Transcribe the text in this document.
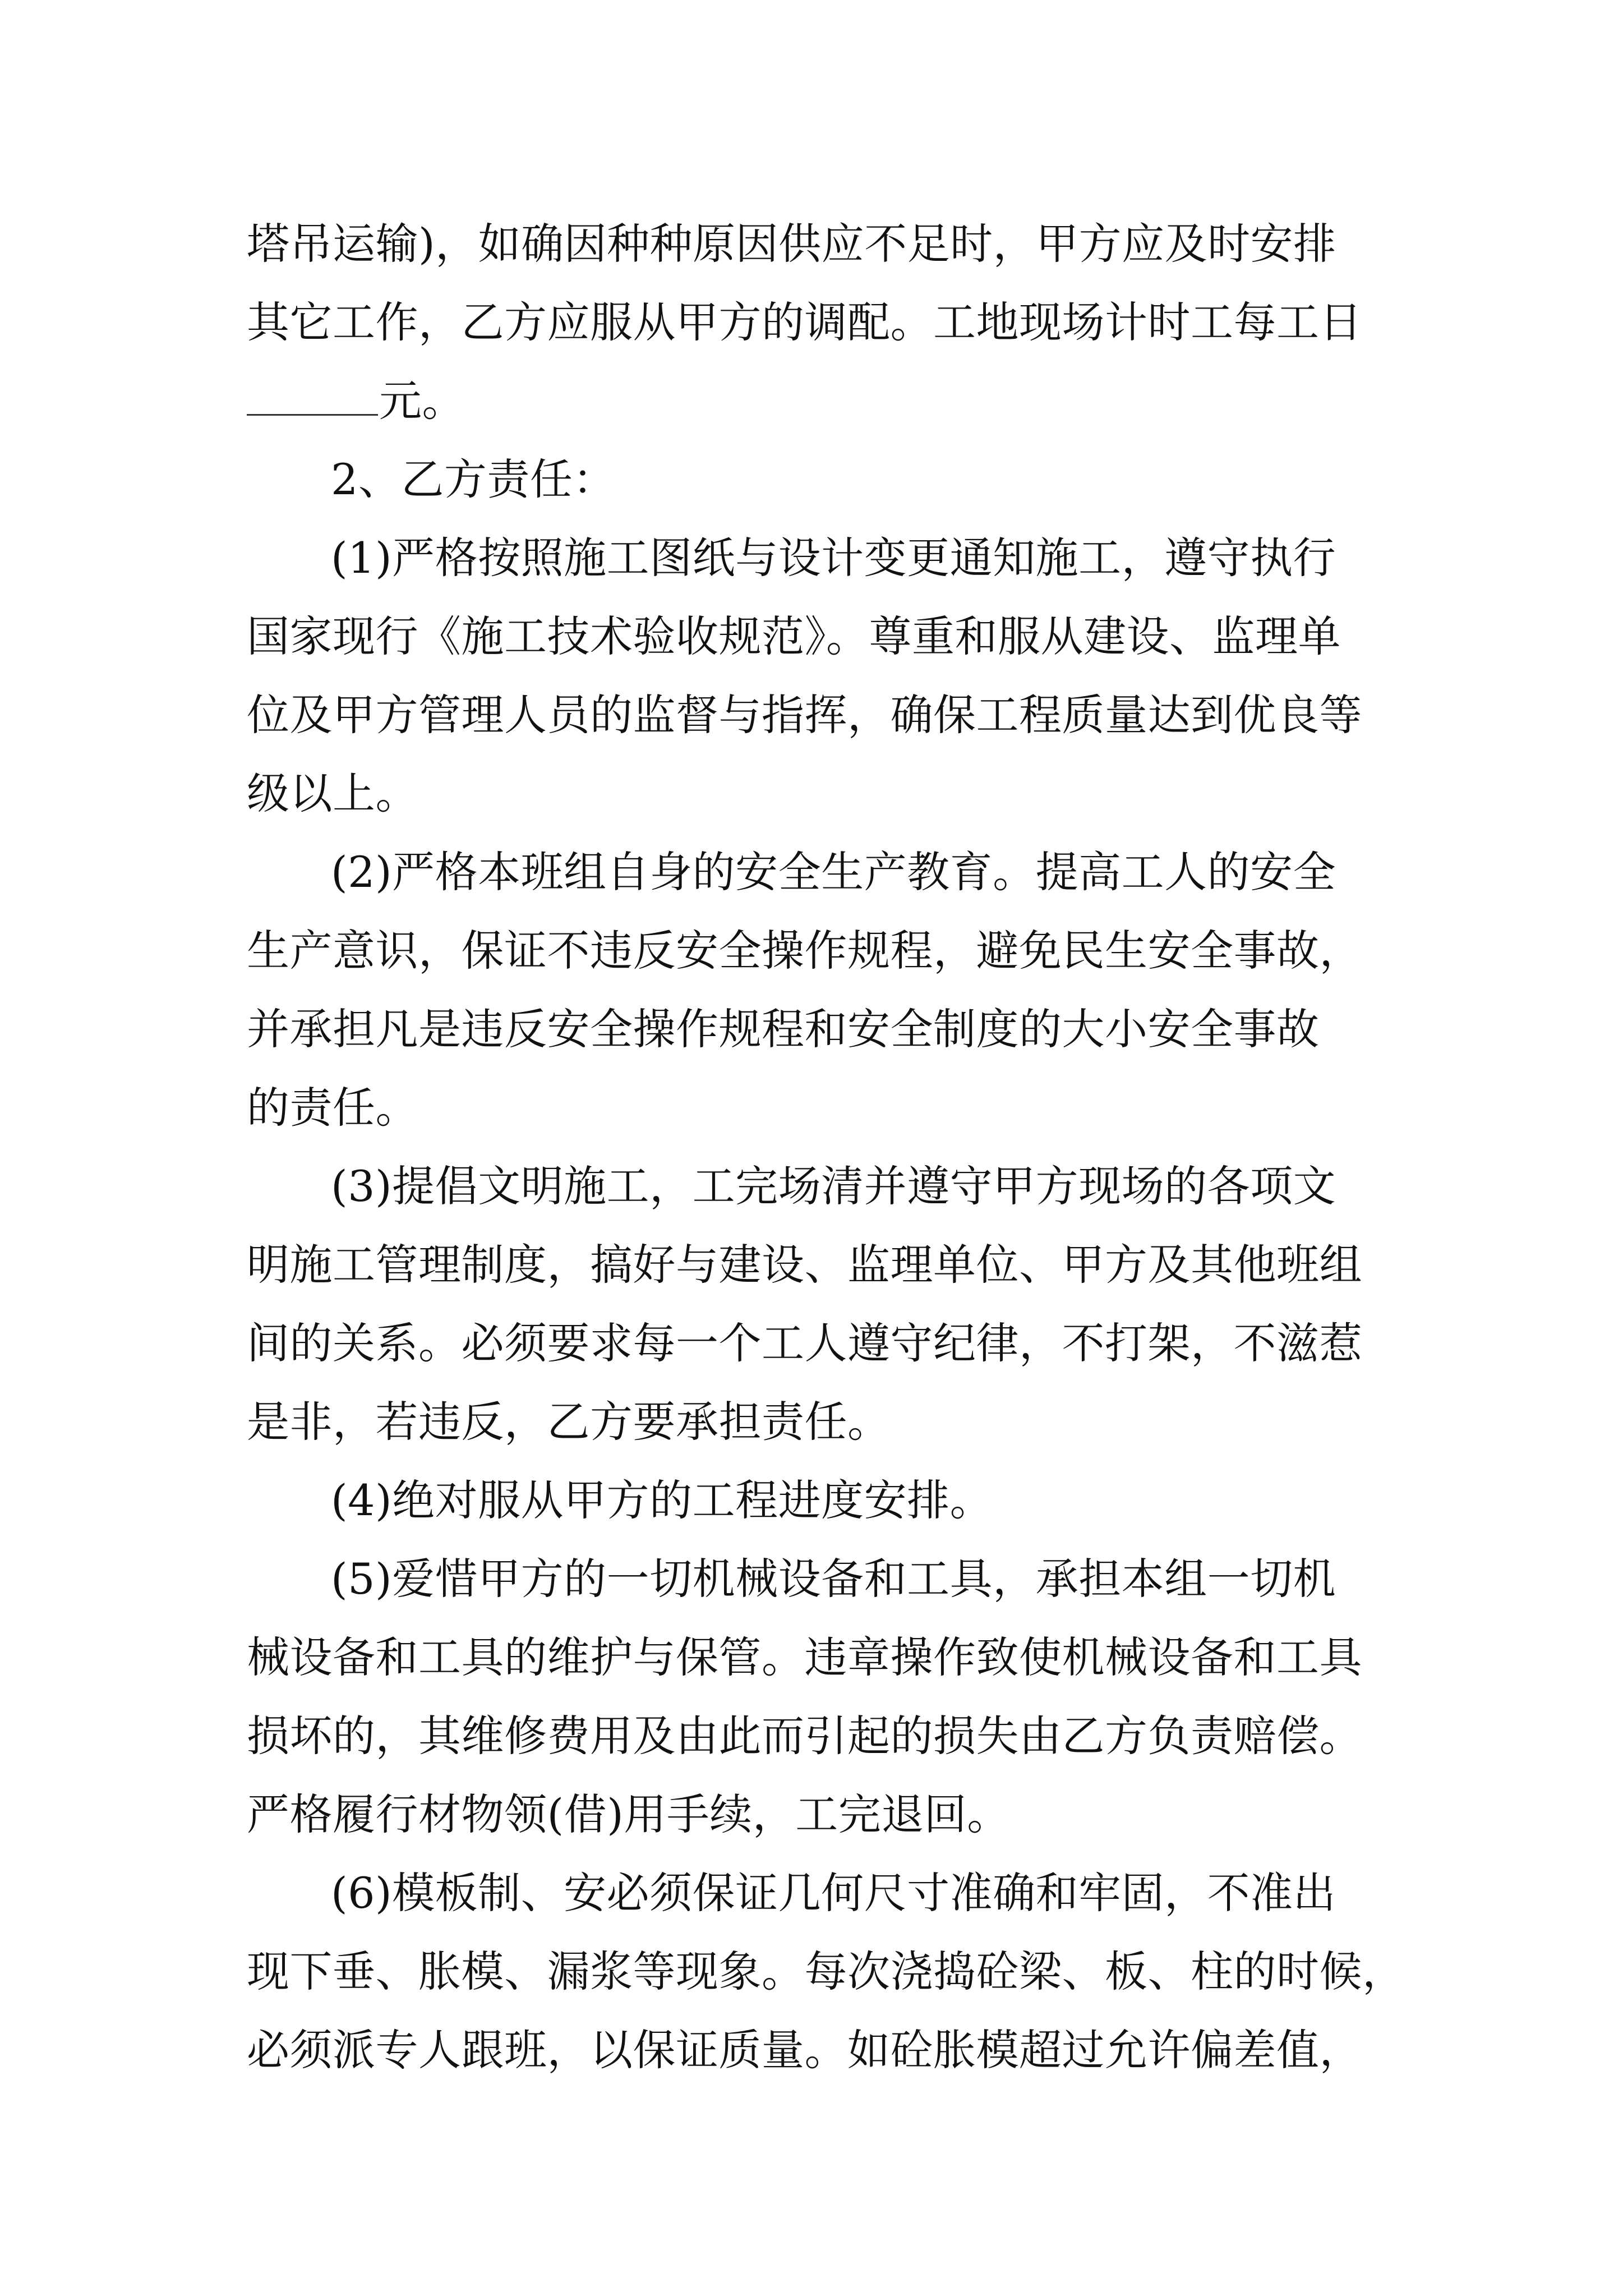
塔吊运输)，如确因种种原因供应不足时，甲方应及时安排
其它工作，乙方应服从甲方的调配。工地现场计时工每工日
元。
2、乙方责任：
(1)严格按照施工图纸与设计变更通知施工，遵守执行
国家现行《施工技术验收规范》。尊重和服从建设、监理单
位及甲方管理人员的监督与指挥，确保工程质量达到优良等
级以上。
(2)严格本班组自身的安全生产教育。提高工人的安全
生产意识，保证不违反安全操作规程，避免民生安全事故，
并承担凡是违反安全操作规程和安全制度的大小安全事故
的责任。
(3)提倡文明施工，工完场清并遵守甲方现场的各项文
明施工管理制度，搞好与建设、监理单位、甲方及其他班组
间的关系。必须要求每一个工人遵守纪律，不打架，不滋惹
是非，若违反，乙方要承担责任。
(4)绝对服从甲方的工程进度安排。
(5)爱惜甲方的一切机械设备和工具，承担本组一切机
械设备和工具的维护与保管。违章操作致使机械设备和工具
损坏的，其维修费用及由此而引起的损失由乙方负责赔偿。
严格履行材物领(借)用手续，工完退回。
(6)模板制、安必须保证几何尺寸准确和牢固，不准出
现下垂、胀模、漏浆等现象。每次浇捣砼梁、板、柱的时候，
必须派专人跟班，以保证质量。如砼胀模超过允许偏差值，
